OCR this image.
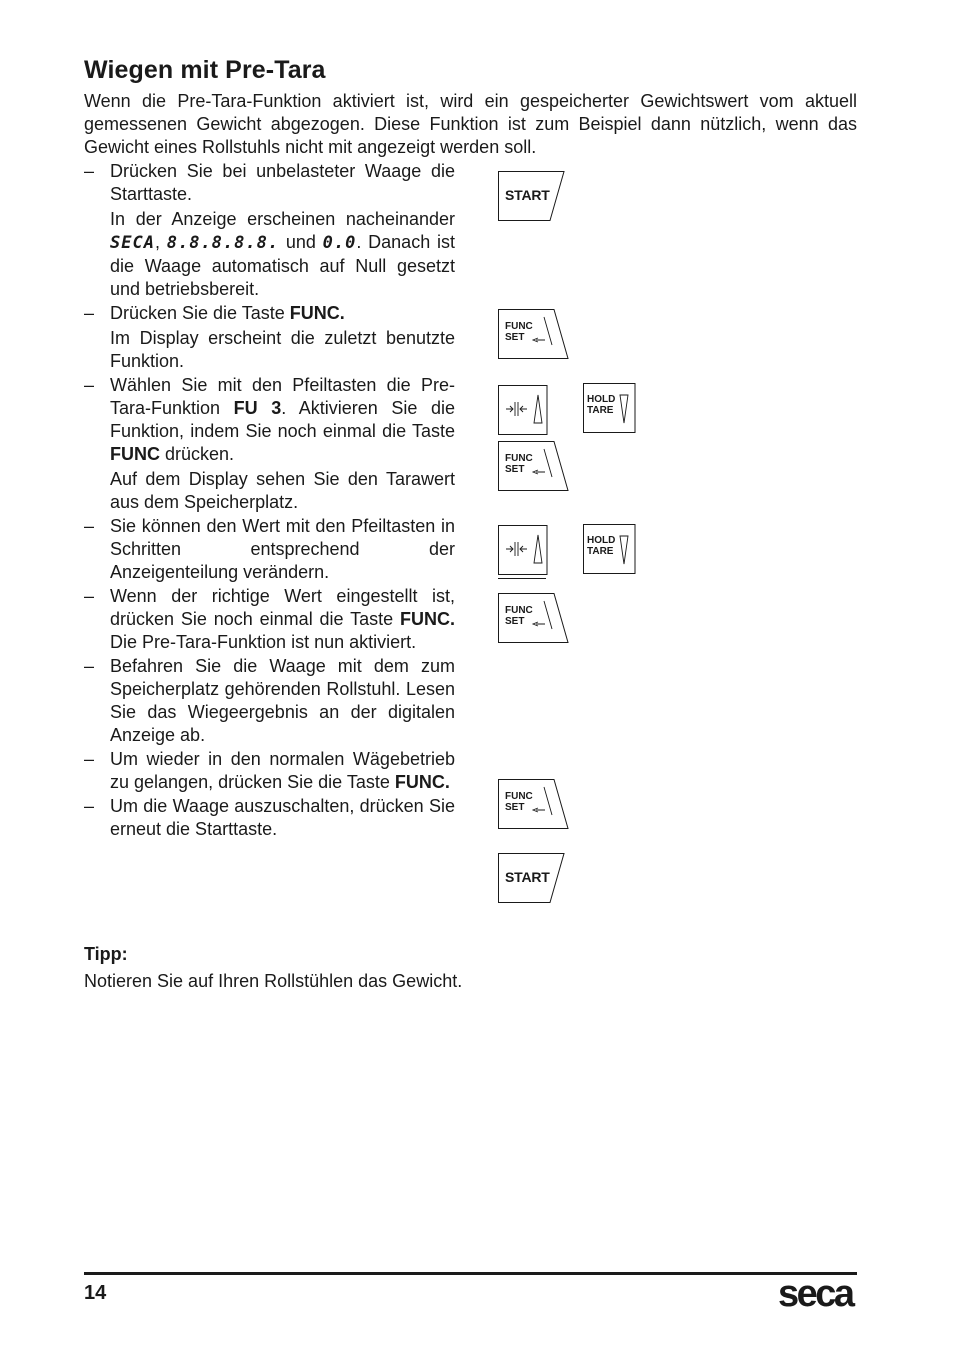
Wiegen mit Pre-Tara
Wenn die Pre-Tara-Funktion aktiviert ist, wird ein gespeicherter Gewichtswert vom aktuell gemessenen Gewicht abgezogen. Diese Funktion ist zum Beispiel dann nützlich, wenn das Gewicht eines Rollstuhls nicht mit angezeigt werden soll.
– Drücken Sie bei unbelasteter Waage die Starttaste.

In der Anzeige erscheinen nacheinander SECA, 8.8.8.8.8. und 0.0. Danach ist die Waage automatisch auf Null gesetzt und betriebsbereit.

– Drücken Sie die Taste FUNC.

Im Display erscheint die zuletzt benutzte Funktion.

– Wählen Sie mit den Pfeiltasten die Pre-Tara-Funktion FU 3. Aktivieren Sie die Funktion, indem Sie noch einmal die Taste FUNC drücken.

Auf dem Display sehen Sie den Tarawert aus dem Speicherplatz.

– Sie können den Wert mit den Pfeiltasten in Schritten entsprechend der Anzeigenteilung verändern.

– Wenn der richtige Wert eingestellt ist, drücken Sie noch einmal die Taste FUNC. Die Pre-Tara-Funktion ist nun aktiviert.

– Befahren Sie die Waage mit dem zum Speicherplatz gehörenden Rollstuhl. Lesen Sie das Wiegeergebnis an der digitalen Anzeige ab.

– Um wieder in den normalen Wägebetrieb zu gelangen, drücken Sie die Taste FUNC.

– Um die Waage auszuschalten, drücken Sie erneut die Starttaste.

START
FUNC
SET
HOLD
TARE
FUNC
SET
HOLD
TARE
FUNC
SET
FUNC
SET
START
Tipp:
Notieren Sie auf Ihren Rollstühlen das Gewicht.
14	seca
